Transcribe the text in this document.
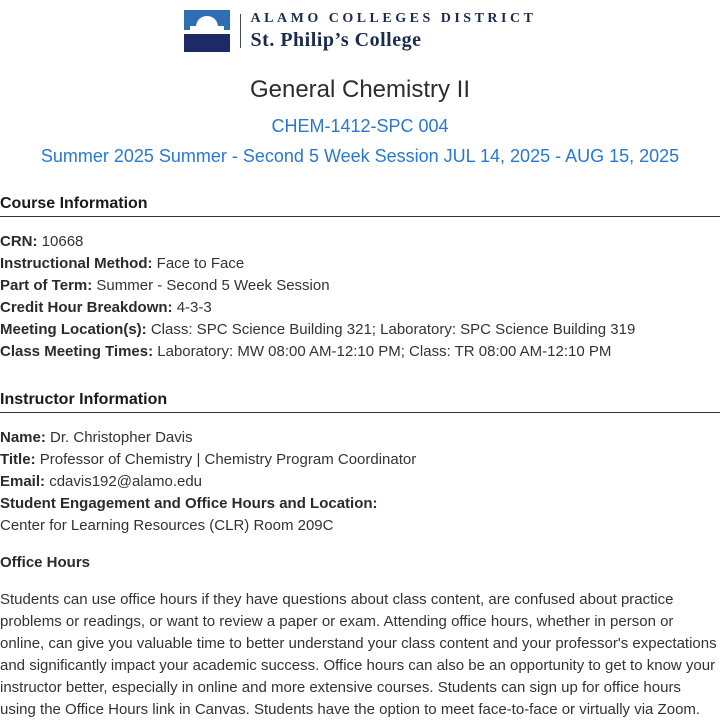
ALAMO COLLEGES DISTRICT
St. Philip’s College
General Chemistry II
CHEM-1412-SPC 004
Summer 2025 Summer - Second 5 Week Session JUL 14, 2025 - AUG 15, 2025
Course Information

CRN: 10668

Instructional Method: Face to Face

Part of Term: Summer - Second 5 Week Session

Credit Hour Breakdown: 4-3-3

Meeting Location(s): Class: SPC Science Building 321; Laboratory: SPC Science Building 319

Class Meeting Times: Laboratory: MW 08:00 AM-12:10 PM; Class: TR 08:00 AM-12:10 PM

Instructor Information

Name: Dr. Christopher Davis

Title: Professor of Chemistry | Chemistry Program Coordinator

Email: cdavis192@alamo.edu

Student Engagement and Office Hours and Location:

Center for Learning Resources (CLR) Room 209C

Office Hours

Students can use office hours if they have questions about class content, are confused about practice problems or readings, or want to review a paper or exam. Attending office hours, whether in person or online, can give you valuable time to better understand your class content and your professor's expectations and significantly impact your academic success. Office hours can also be an opportunity to get to know your instructor better, especially in online and more extensive courses. Students can sign up for office hours using the Office Hours link in Canvas. Students have the option to meet face-to-face or virtually via Zoom.
